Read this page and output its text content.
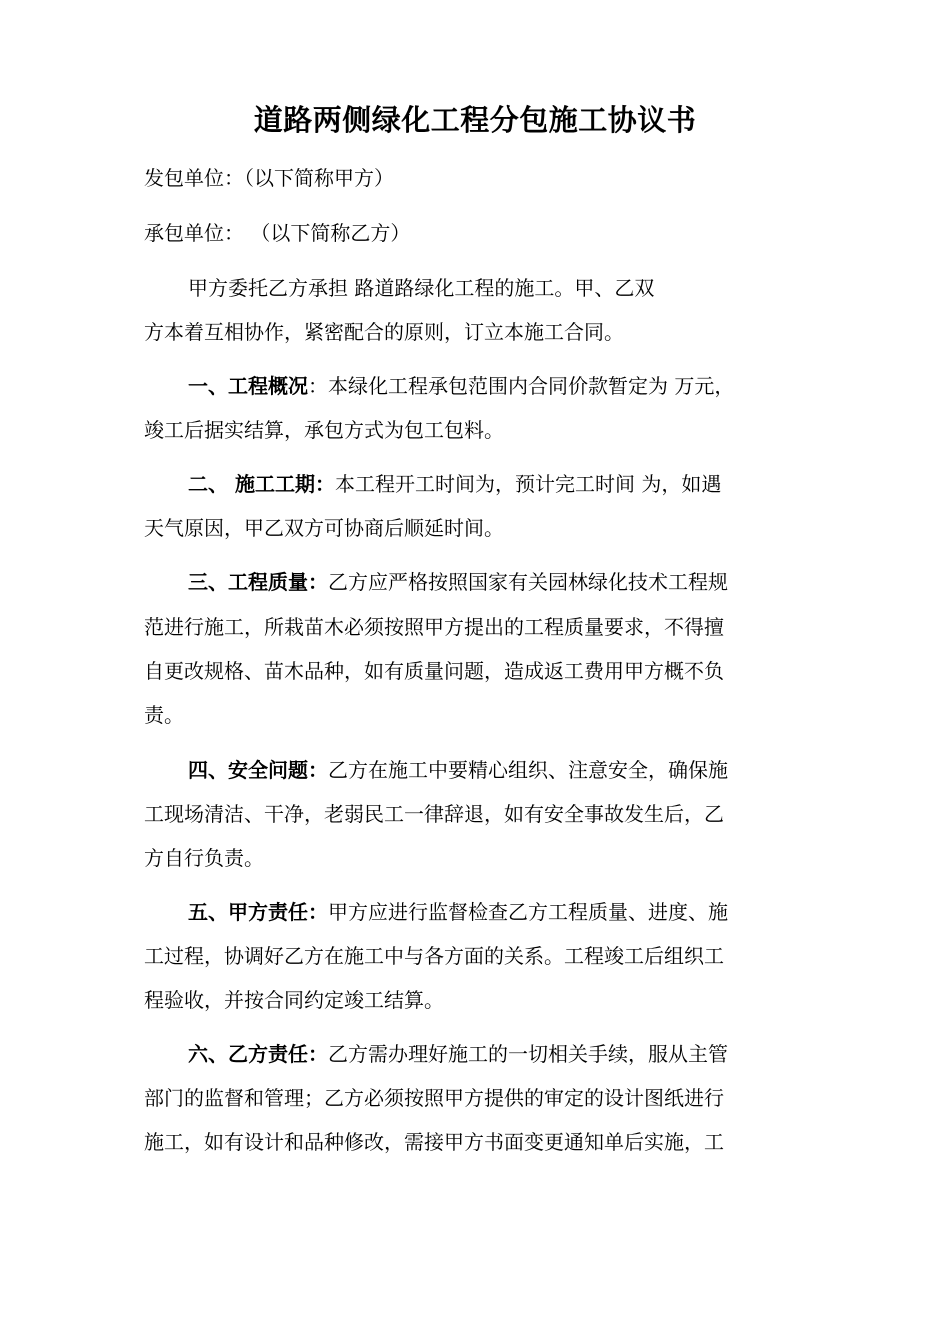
道路两侧绿化工程分包施工协议书
发包单位：（以下简称甲方）
承包单位： （以下简称乙方）
甲方委托乙方承担 路道路绿化工程的施工。甲、乙双
方本着互相协作，紧密配合的原则，订立本施工合同。
一、工程概况：本绿化工程承包范围内合同价款暂定为 万元，
竣工后据实结算，承包方式为包工包料。
二、 施工工期：本工程开工时间为，预计完工时间 为，如遇
天气原因，甲乙双方可协商后顺延时间。
三、工程质量：乙方应严格按照国家有关园林绿化技术工程规
范进行施工，所栽苗木必须按照甲方提出的工程质量要求，不得擅
自更改规格、苗木品种，如有质量问题，造成返工费用甲方概不负
责。
四、安全问题：乙方在施工中要精心组织、注意安全，确保施
工现场清洁、干净，老弱民工一律辞退，如有安全事故发生后，乙
方自行负责。
五、甲方责任：甲方应进行监督检查乙方工程质量、进度、施
工过程，协调好乙方在施工中与各方面的关系。工程竣工后组织工
程验收，并按合同约定竣工结算。
六、乙方责任：乙方需办理好施工的一切相关手续，服从主管
部门的监督和管理；乙方必须按照甲方提供的审定的设计图纸进行
施工，如有设计和品种修改，需接甲方书面变更通知单后实施，工
